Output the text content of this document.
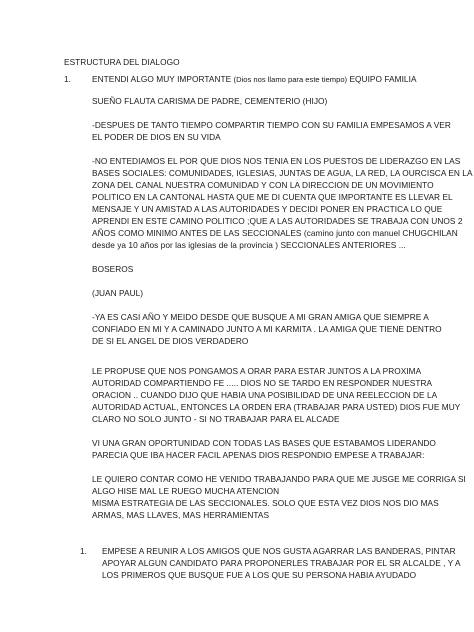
ESTRUCTURA DEL DIALOGO
1.	ENTENDI ALGO MUY IMPORTANTE (Dios nos llamo para este tiempo) EQUIPO FAMILIA
SUEÑO FLAUTA CARISMA DE PADRE, CEMENTERIO (HIJO)
-DESPUES DE TANTO TIEMPO COMPARTIR TIEMPO CON SU FAMILIA EMPESAMOS A VER
EL PODER DE DIOS EN SU VIDA
-NO ENTEDIAMOS EL POR QUE DIOS NOS TENIA EN LOS PUESTOS DE LIDERAZGO EN LAS
BASES SOCIALES: COMUNIDADES, IGLESIAS, JUNTAS DE AGUA, LA RED, LA OURCISCA EN LA
ZONA DEL CANAL NUESTRA COMUNIDAD Y CON LA DIRECCION DE UN MOVIMIENTO
POLITICO EN LA CANTONAL HASTA QUE ME DI CUENTA QUE IMPORTANTE ES LLEVAR EL
MENSAJE Y UN AMISTAD A LAS AUTORIDADES Y DECIDI PONER EN PRACTICA LO QUE
APRENDI EN ESTE CAMINO POLITICO ;QUE A LAS AUTORIDADES SE TRABAJA CON UNOS 2
AÑOS COMO MINIMO ANTES DE LAS SECCIONALES (camino junto con manuel CHUGCHILAN
desde ya 10 años por las iglesias de la provincia ) SECCIONALES ANTERIORES ...
BOSEROS
(JUAN PAUL)
-YA ES CASI AÑO Y MEIDO DESDE QUE BUSQUE A MI GRAN AMIGA QUE SIEMPRE A
CONFIADO EN MI Y A CAMINADO JUNTO A MI KARMITA . LA AMIGA QUE TIENE DENTRO
DE SI EL ANGEL DE DIOS VERDADERO
LE PROPUSE QUE NOS PONGAMOS A ORAR PARA ESTAR JUNTOS A LA PROXIMA
AUTORIDAD COMPARTIENDO FE ..... DIOS NO SE TARDO EN RESPONDER NUESTRA
ORACION .. CUANDO DIJO QUE HABIA UNA POSIBILIDAD DE UNA REELECCION DE LA
AUTORIDAD ACTUAL, ENTONCES LA ORDEN ERA (TRABAJAR PARA USTED) DIOS FUE MUY
CLARO NO SOLO JUNTO - SI NO TRABAJAR PARA EL ALCADE
VI UNA GRAN OPORTUNIDAD CON TODAS LAS BASES QUE ESTABAMOS LIDERANDO
PARECIA QUE IBA HACER FACIL APENAS DIOS RESPONDIO EMPESE A TRABAJAR:
LE QUIERO CONTAR COMO HE VENIDO TRABAJANDO PARA QUE ME JUSGE ME CORRIGA SI
ALGO HISE MAL LE RUEGO MUCHA ATENCION
MISMA ESTRATEGIA DE LAS SECCIONALES. SOLO QUE ESTA VEZ DIOS NOS DIO MAS
ARMAS, MAS LLAVES, MAS HERRAMIENTAS
1. EMPESE A REUNIR A LOS AMIGOS QUE NOS GUSTA AGARRAR LAS BANDERAS, PINTAR
APOYAR ALGUN CANDIDATO PARA PROPONERLES TRABAJAR POR EL SR ALCALDE , Y A
LOS PRIMEROS QUE BUSQUE FUE A LOS QUE SU PERSONA HABIA AYUDADO
